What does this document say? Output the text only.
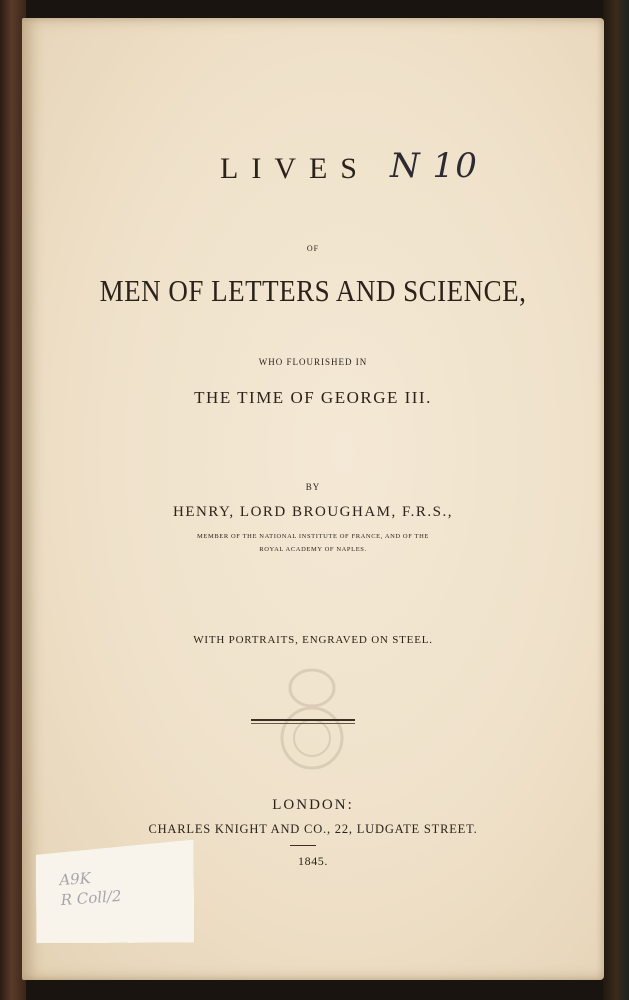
LIVES N 10
OF
MEN OF LETTERS AND SCIENCE,
WHO FLOURISHED IN
THE TIME OF GEORGE III.
BY
HENRY, LORD BROUGHAM, F.R.S.,
MEMBER OF THE NATIONAL INSTITUTE OF FRANCE, AND OF THE
ROYAL ACADEMY OF NAPLES.
WITH PORTRAITS, ENGRAVED ON STEEL.
LONDON:
CHARLES KNIGHT AND CO., 22, LUDGATE STREET.
1845.
A9K
R Coll/2
